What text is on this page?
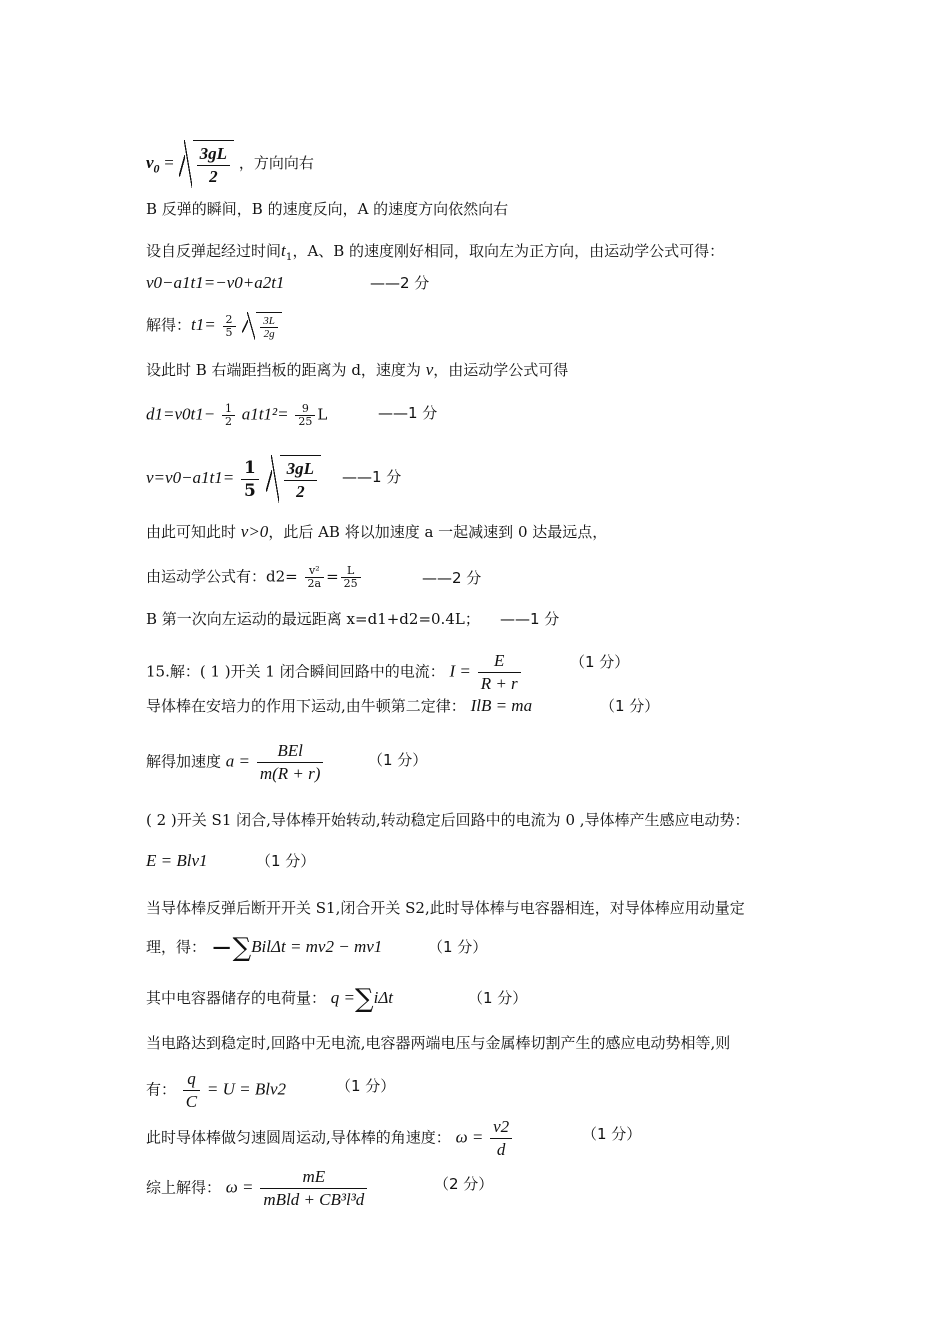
$v_0 = \frac{3gL}{2}$ ，方向向右
B 反弹的瞬间，B 的速度反向，A 的速度方向依然向右
设自反弹起经过时间$t_1$，A、B 的速度刚好相同，取向左为正方向，由运动学公式可得：
v0−a1t1=−v0+a2t1	——2 分
解得：$t1= \frac{2}{5}$
$\frac{3L}{2g}$
设此时 B 右端距挡板的距离为 d，速度为 v，由运动学公式可得
$d1=v0t1- \frac{1}{2} a1t1^2= \frac{9}{25}$ L	——1 分
$v=v0-a1t1= \frac{1}{5}$
$\frac{3gL}{2}$ ——1 分
由此可知此时 v>0，此后 AB 将以加速度 a 一起减速到 0 达最远点，
由运动学公式有：$d2= \frac{\text{v²}}{2a} = \frac{L}{25}$	——2 分
B 第一次向左运动的最远距离 x=d1+d2=0.4L； ——1 分
15.解：( 1 )开关 1 闭合瞬间回路中的电流： $I = \frac{E}{R + r}$	（1 分）
导体棒在安培力的作用下运动,由牛顿第二定律： IlB = ma	（1 分）
解得加速度 $a = \frac{\text{BEl}}{m(R + r)}$	（1 分）
( 2 )开关 S1 闭合,导体棒开始转动,转动稳定后回路中的电流为 0 ,导体棒产生感应电动势：
E = Blv1	（1 分）
当导体棒反弹后断开开关 S1,闭合开关 S2,此时导体棒与电容器相连，对导体棒应用动量定
理，得： −∑BilΔt = mv2 − mv1	（1 分）
其中电容器储存的电荷量： q =∑iΔt	（1 分）
当电路达到稳定时,回路中无电流,电容器两端电压与金属棒切割产生的感应电动势相等,则
有： $\frac{q}{C} = U = Blv2$	（1 分）
此时导体棒做匀速圆周运动,导体棒的角速度： $\omega = \frac{v2}{d}$	（1 分）
综上解得： $\omega = \frac{mE}{\text{mBld + CB³l³d}}$	（2 分）
